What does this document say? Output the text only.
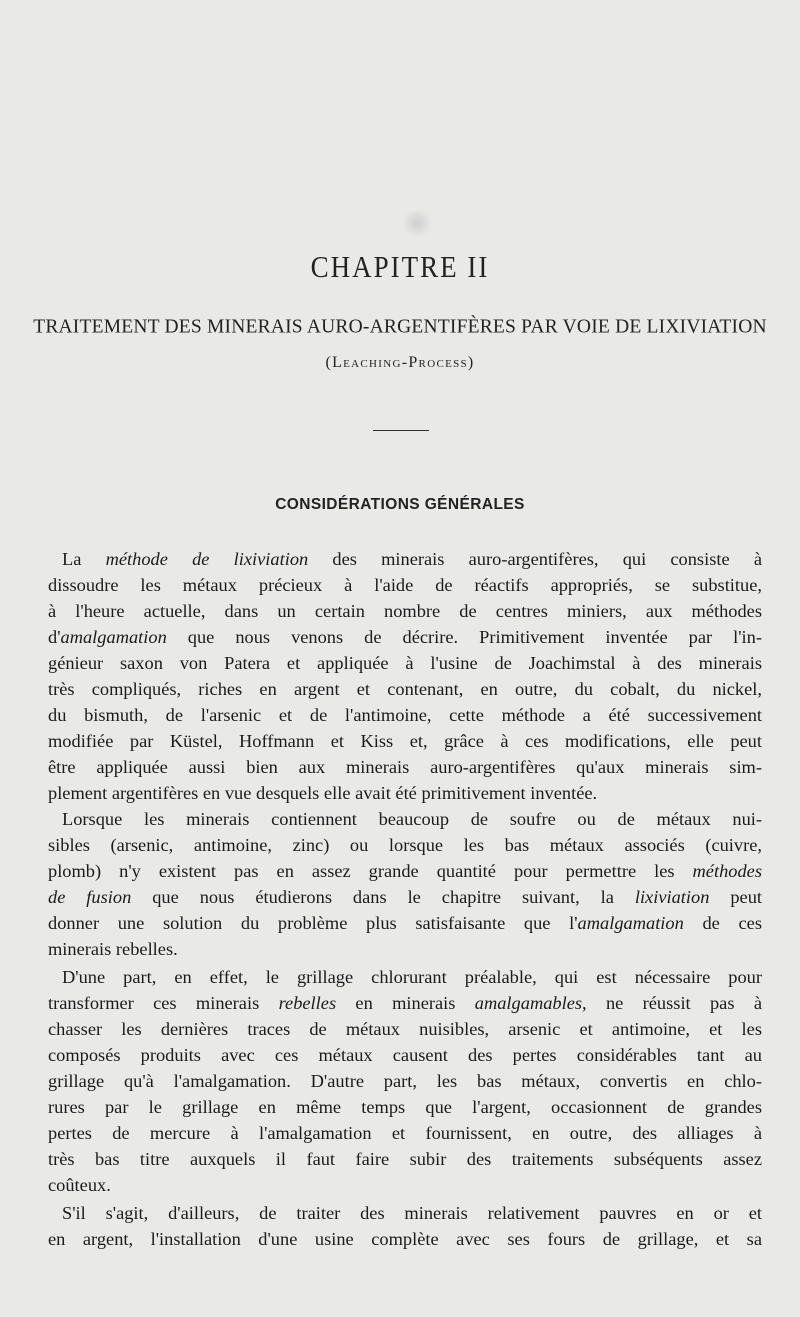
CHAPITRE II
TRAITEMENT DES MINERAIS AURO-ARGENTIFÈRES PAR VOIE DE LIXIVIATION
(Leaching-Process)
CONSIDÉRATIONS GÉNÉRALES
La méthode de lixiviation des minerais auro-argentifères, qui consiste à
dissoudre les métaux précieux à l'aide de réactifs appropriés, se substitue,
à l'heure actuelle, dans un certain nombre de centres miniers, aux méthodes
d'amalgamation que nous venons de décrire. Primitivement inventée par l'in-
génieur saxon von Patera et appliquée à l'usine de Joachimstal à des minerais
très compliqués, riches en argent et contenant, en outre, du cobalt, du nickel,
du bismuth, de l'arsenic et de l'antimoine, cette méthode a été successivement
modifiée par Küstel, Hoffmann et Kiss et, grâce à ces modifications, elle peut
être appliquée aussi bien aux minerais auro-argentifères qu'aux minerais sim-
plement argentifères en vue desquels elle avait été primitivement inventée.
Lorsque les minerais contiennent beaucoup de soufre ou de métaux nui-
sibles (arsenic, antimoine, zinc) ou lorsque les bas métaux associés (cuivre,
plomb) n'y existent pas en assez grande quantité pour permettre les méthodes
de fusion que nous étudierons dans le chapitre suivant, la lixiviation peut
donner une solution du problème plus satisfaisante que l'amalgamation de ces
minerais rebelles.
D'une part, en effet, le grillage chlorurant préalable, qui est nécessaire pour
transformer ces minerais rebelles en minerais amalgamables, ne réussit pas à
chasser les dernières traces de métaux nuisibles, arsenic et antimoine, et les
composés produits avec ces métaux causent des pertes considérables tant au
grillage qu'à l'amalgamation. D'autre part, les bas métaux, convertis en chlo-
rures par le grillage en même temps que l'argent, occasionnent de grandes
pertes de mercure à l'amalgamation et fournissent, en outre, des alliages à
très bas titre auxquels il faut faire subir des traitements subséquents assez
coûteux.
S'il s'agit, d'ailleurs, de traiter des minerais relativement pauvres en or et
en argent, l'installation d'une usine complète avec ses fours de grillage, et sa
